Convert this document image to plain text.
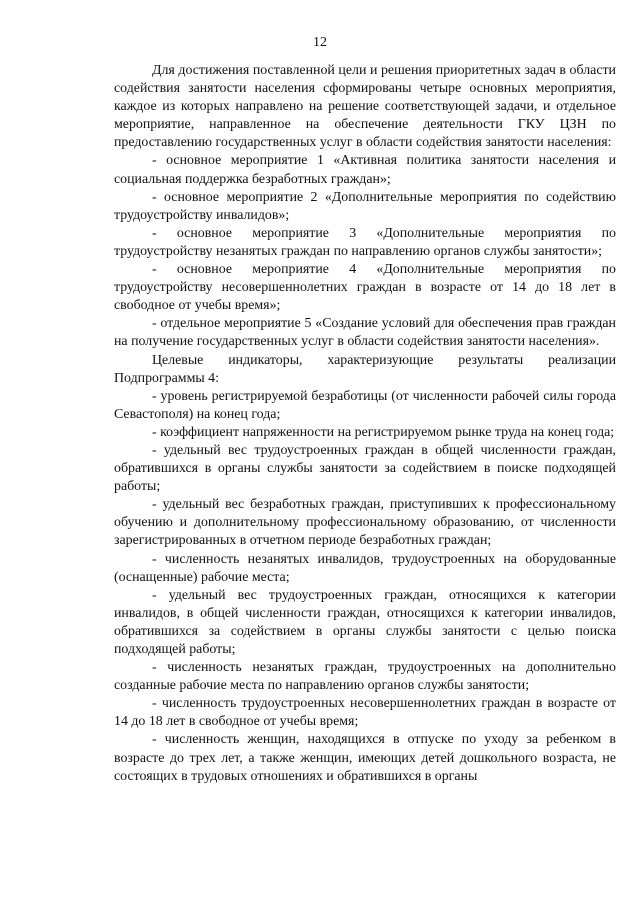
12

Для достижения поставленной цели и решения приоритетных задач в области содействия занятости населения сформированы четыре основных мероприятия, каждое из которых направлено на решение соответствующей задачи, и отдельное мероприятие, направленное на обеспечение деятельности ГКУ ЦЗН по предоставлению государственных услуг в области содействия занятости населения:

- основное мероприятие 1 «Активная политика занятости населения и социальная поддержка безработных граждан»;

- основное мероприятие 2 «Дополнительные мероприятия по содействию трудоустройству инвалидов»;

- основное мероприятие 3 «Дополнительные мероприятия по трудоустройству незанятых граждан по направлению органов службы занятости»;

- основное мероприятие 4 «Дополнительные мероприятия по трудоустройству несовершеннолетних граждан в возрасте от 14 до 18 лет в свободное от учебы время»;

- отдельное мероприятие 5 «Создание условий для обеспечения прав граждан на получение государственных услуг в области содействия занятости населения».

Целевые индикаторы, характеризующие результаты реализации Подпрограммы 4:

- уровень регистрируемой безработицы (от численности рабочей силы города Севастополя) на конец года;

- коэффициент напряженности на регистрируемом рынке труда на конец года;

- удельный вес трудоустроенных граждан в общей численности граждан, обратившихся в органы службы занятости за содействием в поиске подходящей работы;

- удельный вес безработных граждан, приступивших к профессиональному обучению и дополнительному профессиональному образованию, от численности зарегистрированных в отчетном периоде безработных граждан;

- численность незанятых инвалидов, трудоустроенных на оборудованные (оснащенные) рабочие места;

- удельный вес трудоустроенных граждан, относящихся к категории инвалидов, в общей численности граждан, относящихся к категории инвалидов, обратившихся за содействием в органы службы занятости с целью поиска подходящей работы;

- численность незанятых граждан, трудоустроенных на дополнительно созданные рабочие места по направлению органов службы занятости;

- численность трудоустроенных несовершеннолетних граждан в возрасте от 14 до 18 лет в свободное от учебы время;

- численность женщин, находящихся в отпуске по уходу за ребенком в возрасте до трех лет, а также женщин, имеющих детей дошкольного возраста, не состоящих в трудовых отношениях и обратившихся в органы
